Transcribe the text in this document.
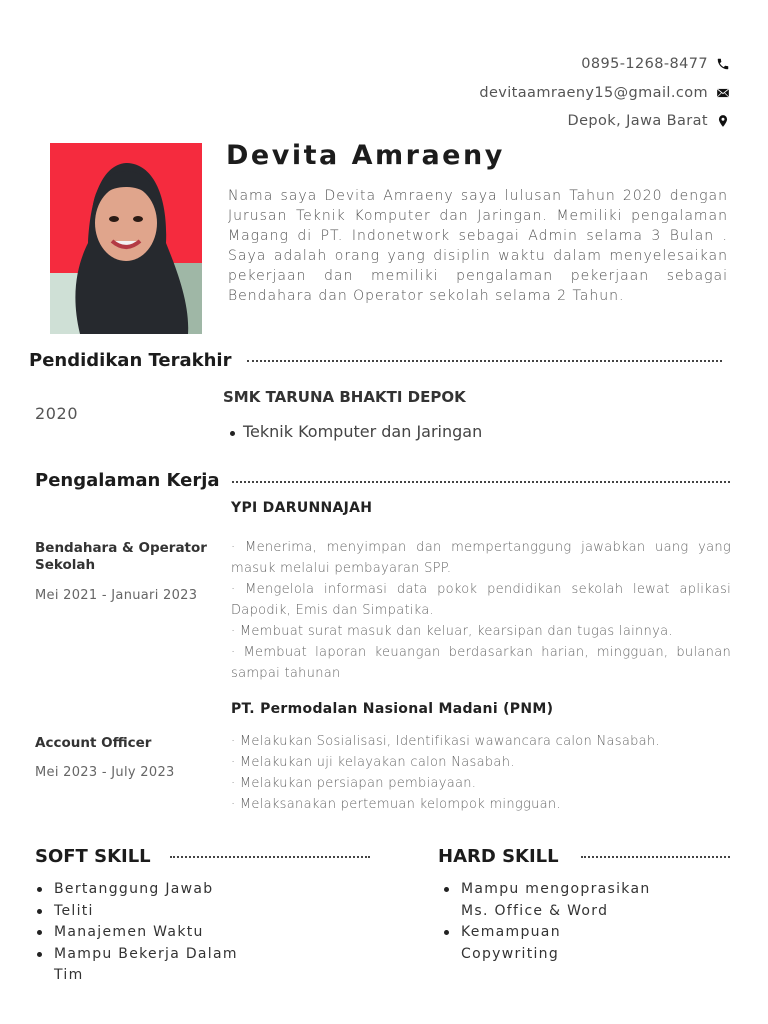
0895-1268-8477
devitaamraeny15@gmail.com
Depok, Jawa Barat
Devita Amraeny
Nama saya Devita Amraeny saya lulusan Tahun 2020 dengan Jurusan Teknik Komputer dan Jaringan. Memiliki pengalaman Magang di PT. Indonetwork sebagai Admin selama 3 Bulan . Saya adalah orang yang disiplin waktu dalam menyelesaikan pekerjaan dan memiliki pengalaman pekerjaan sebagai Bendahara dan Operator sekolah selama 2 Tahun.
Pendidikan Terakhir
2020
SMK TARUNA BHAKTI DEPOK
Teknik Komputer dan Jaringan
Pengalaman Kerja
YPI DARUNNAJAH
Bendahara & Operator Sekolah
Mei 2021 - Januari 2023
· Menerima, menyimpan dan mempertanggung jawabkan uang yang masuk melalui pembayaran SPP.
· Mengelola informasi data pokok pendidikan sekolah lewat aplikasi Dapodik, Emis dan Simpatika.
· Membuat surat masuk dan keluar, kearsipan dan tugas lainnya.
· Membuat laporan keuangan berdasarkan harian, mingguan, bulanan sampai tahunan
PT. Permodalan Nasional Madani (PNM)
Account Officer
Mei 2023 - July 2023
· Melakukan Sosialisasi, Identifikasi wawancara calon Nasabah.
· Melakukan uji kelayakan calon Nasabah.
· Melakukan persiapan pembiayaan.
· Melaksanakan pertemuan kelompok mingguan.
SOFT SKILL
Bertanggung Jawab
Teliti
Manajemen Waktu
Mampu Bekerja Dalam Tim
HARD SKILL
Mampu mengoprasikan Ms. Office & Word
Kemampuan Copywriting
